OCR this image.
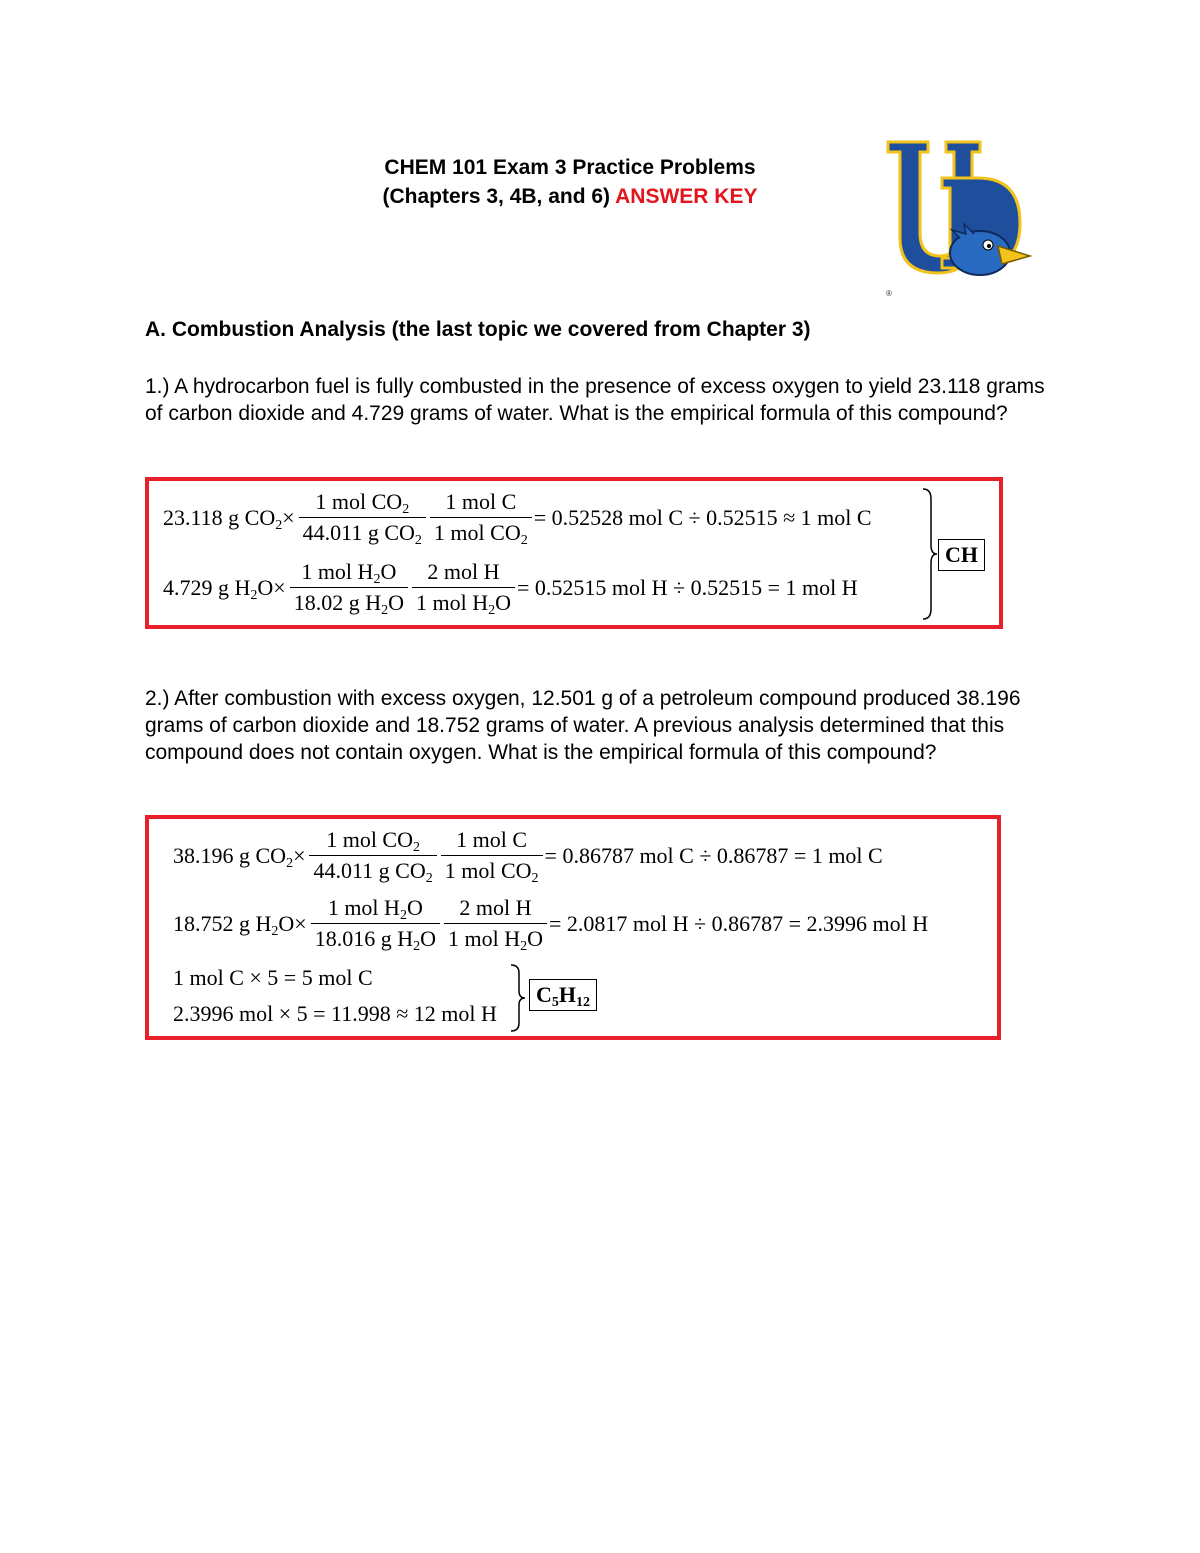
CHEM 101 Exam 3 Practice Problems
(Chapters 3, 4B, and 6) ANSWER KEY
®
A. Combustion Analysis (the last topic we covered from Chapter 3)
1.) A hydrocarbon fuel is fully combusted in the presence of excess oxygen to yield 23.118 grams of carbon dioxide and 4.729 grams of water. What is the empirical formula of this compound?
23.118 g $CO_2\times \frac{1 mol CO_2}{44.011 g CO_2} \frac{\text{1 mol C}}{1 mol CO_2} = 0.52528$ mol C ÷ 0.52515 ≈ 1 mol C
4.729 g $H_2O\times \frac{1 mol H_2O}{18.02 g H_2O} \frac{\text{2 mol H}}{1 mol H_2O} = 0.52515$ mol H ÷ 0.52515 = 1 mol H
CH
2.) After combustion with excess oxygen, 12.501 g of a petroleum compound produced 38.196 grams of carbon dioxide and 18.752 grams of water. A previous analysis determined that this compound does not contain oxygen. What is the empirical formula of this compound?
38.196 g $CO_2\times \frac{1 mol CO_2}{44.011 g CO_2} \frac{\text{1 mol C}}{1 mol CO_2} = 0.86787$ mol C ÷ 0.86787 = 1 mol C
18.752 g $H_2O\times \frac{1 mol H_2O}{18.016 g H_2O} \frac{\text{2 mol H}}{1 mol H_2O} = 2.0817$ mol H ÷ 0.86787 = 2.3996 mol H
1 mol C × 5 = 5 mol C
2.3996 mol × 5 = 11.998 ≈ 12 mol H
$C_5H_{12}$
